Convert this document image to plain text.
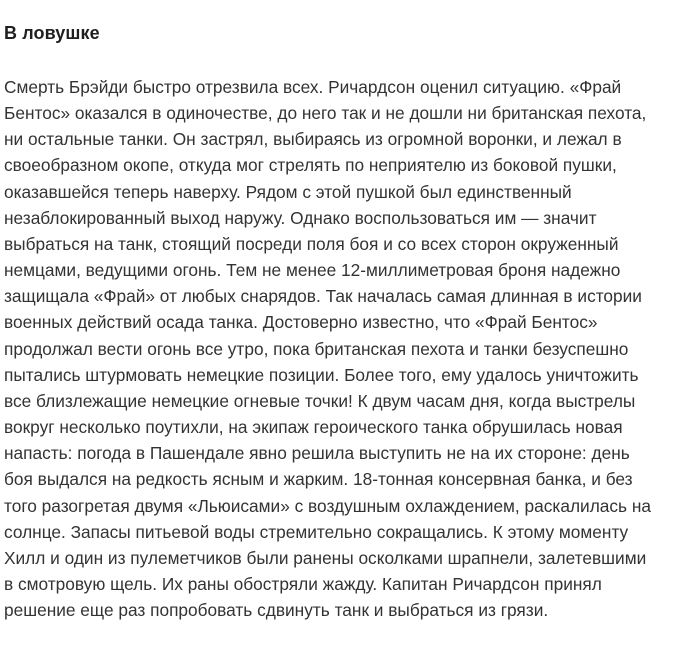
В ловушке
Смерть Брэйди быстро отрезвила всех. Ричардсон оценил ситуацию. «Фрай
Бентос» оказался в одиночестве, до него так и не дошли ни британская пехота,
ни остальные танки. Он застрял, выбираясь из огромной воронки, и лежал в
своеобразном окопе, откуда мог стрелять по неприятелю из боковой пушки,
оказавшейся теперь наверху. Рядом с этой пушкой был единственный
незаблокированный выход наружу. Однако воспользоваться им — значит
выбраться на танк, стоящий посреди поля боя и со всех сторон окруженный
немцами, ведущими огонь. Тем не менее 12-миллиметровая броня надежно
защищала «Фрай» от любых снарядов. Так началась самая длинная в истории
военных действий осада танка. Достоверно известно, что «Фрай Бентос»
продолжал вести огонь все утро, пока британская пехота и танки безуспешно
пытались штурмовать немецкие позиции. Более того, ему удалось уничтожить
все близлежащие немецкие огневые точки! К двум часам дня, когда выстрелы
вокруг несколько поутихли, на экипаж героического танка обрушилась новая
напасть: погода в Пашендале явно решила выступить не на их стороне: день
боя выдался на редкость ясным и жарким. 18-тонная консервная банка, и без
того разогретая двумя «Льюисами» с воздушным охлаждением, раскалилась на
солнце. Запасы питьевой воды стремительно сокращались. К этому моменту
Хилл и один из пулеметчиков были ранены осколками шрапнели, залетевшими
в смотровую щель. Их раны обостряли жажду. Капитан Ричардсон принял
решение еще раз попробовать сдвинуть танк и выбраться из грязи.
